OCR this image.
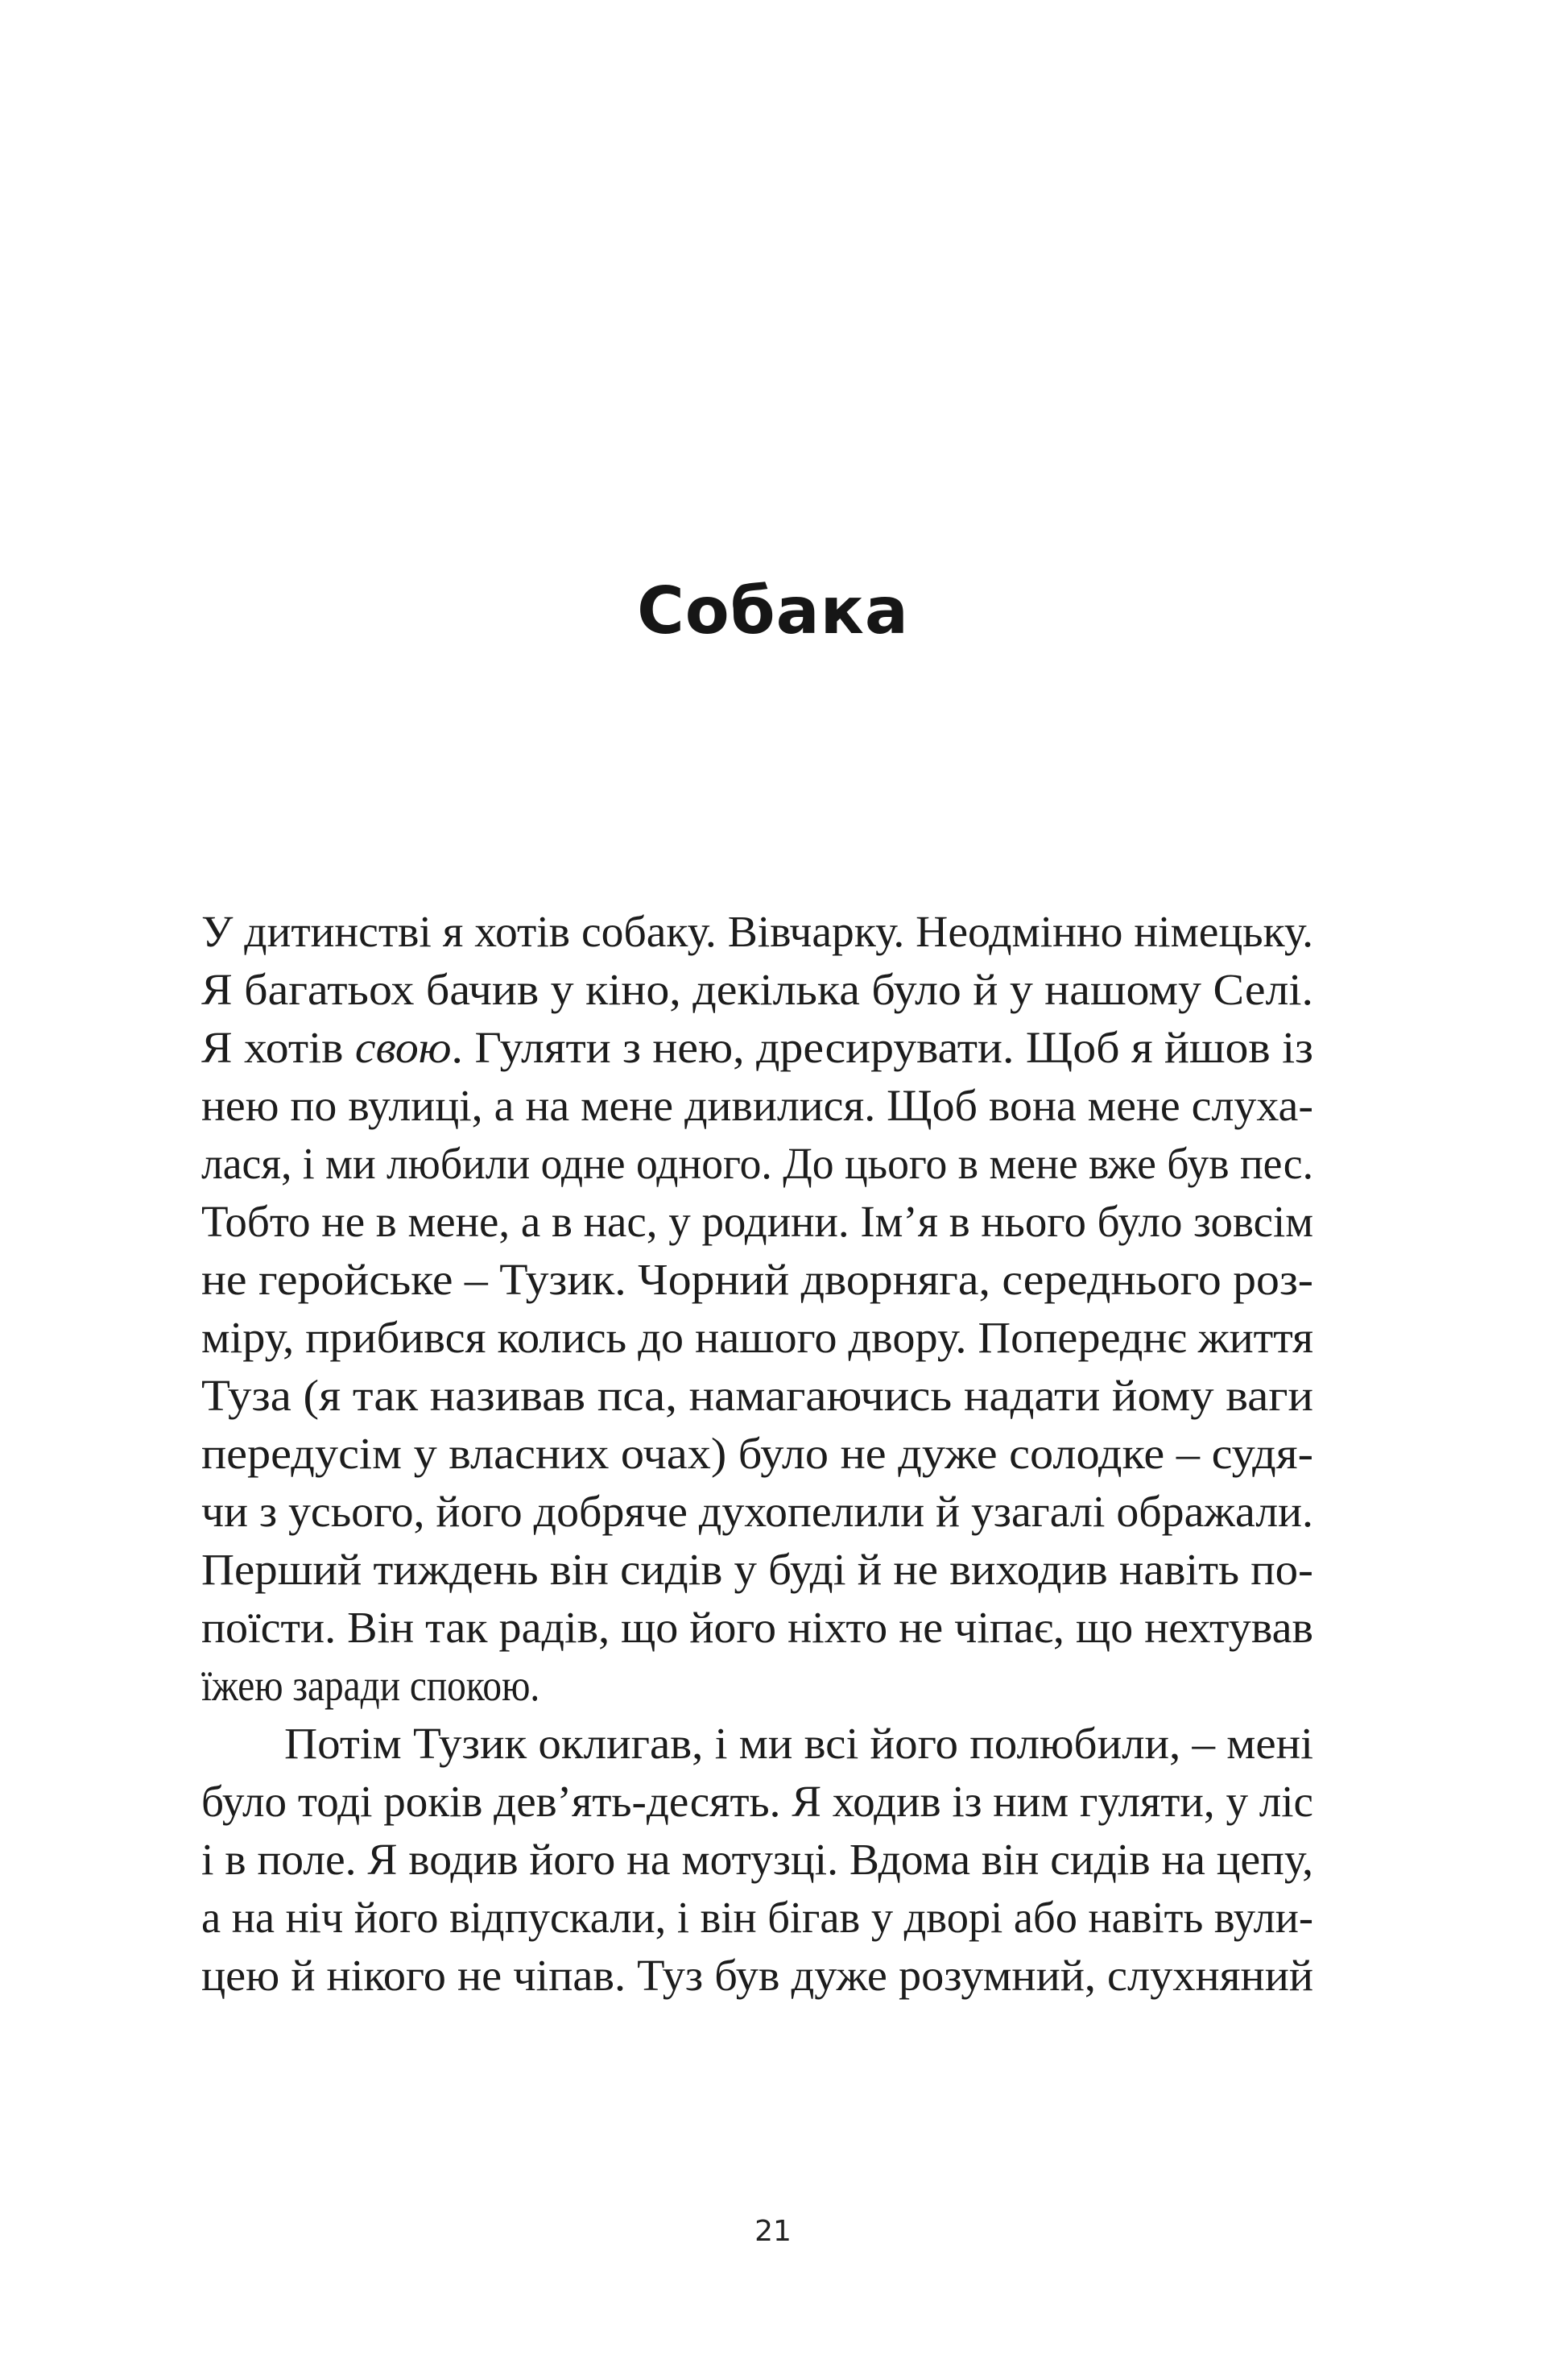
Собака
У дитинстві я хотів собаку. Вівчарку. Неодмінно німецьку.
Я багатьох бачив у кіно, декілька було й у нашому Селі.
Я хотів свою. Гуляти з нею, дресирувати. Щоб я йшов із
нею по вулиці, а на мене дивилися. Щоб вона мене слуха-
лася, і ми любили одне одного. До цього в мене вже був пес.
Тобто не в мене, а в нас, у родини. Ім’я в нього було зовсім
не геройське – Тузик. Чорний дворняга, середнього роз-
міру, прибився колись до нашого двору. Попереднє життя
Туза (я так називав пса, намагаючись надати йому ваги
передусім у власних очах) було не дуже солодке – судя-
чи з усього, його добряче духопелили й узагалі ображали.
Перший тиждень він сидів у буді й не виходив навіть по-
поїсти. Він так радів, що його ніхто не чіпає, що нехтував
їжею заради спокою.
Потім Тузик оклигав, і ми всі його полюбили, – мені
було тоді років дев’ять-десять. Я ходив із ним гуляти, у ліс
і в поле. Я водив його на мотузці. Вдома він сидів на цепу,
а на ніч його відпускали, і він бігав у дворі або навіть вули-
цею й нікого не чіпав. Туз був дуже розумний, слухняний
21
